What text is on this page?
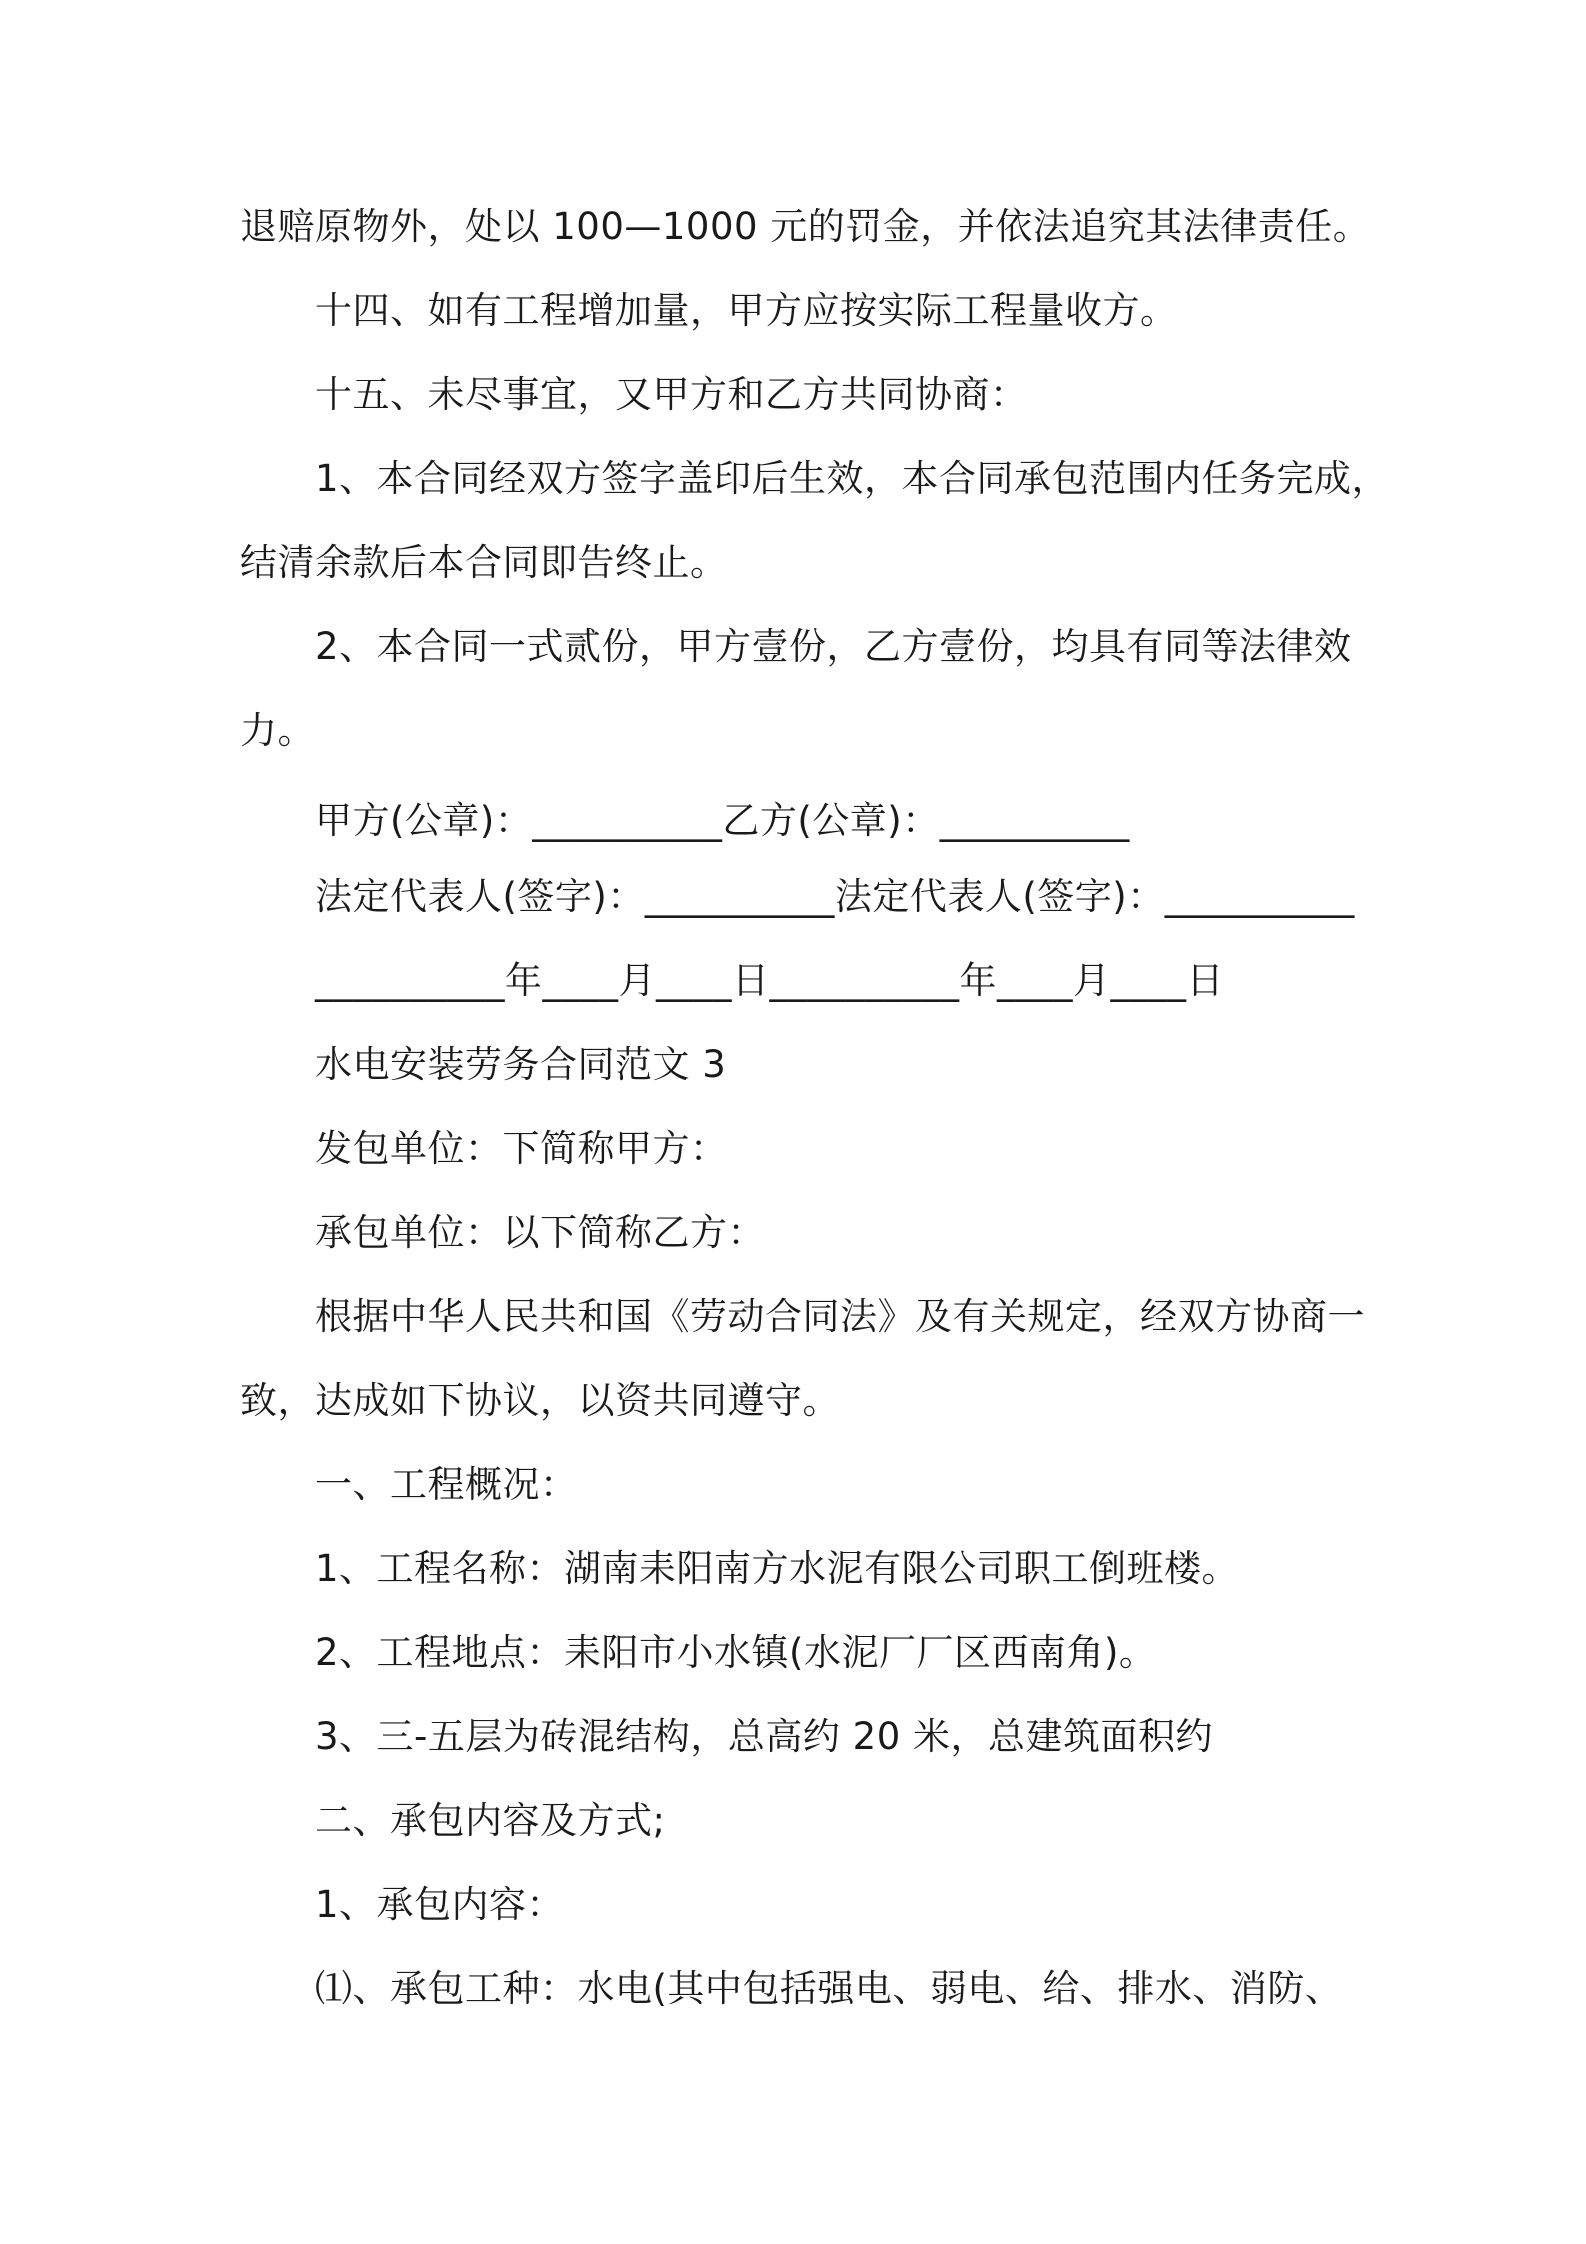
退赔原物外，处以 100—1000 元的罚金，并依法追究其法律责任。
十四、如有工程增加量，甲方应按实际工程量收方。
十五、未尽事宜，又甲方和乙方共同协商：
1、本合同经双方签字盖印后生效，本合同承包范围内任务完成，
结清余款后本合同即告终止。
2、本合同一式贰份，甲方壹份，乙方壹份，均具有同等法律效
力。
甲方(公章)：__________乙方(公章)：__________
法定代表人(签字)：__________法定代表人(签字)：__________
__________年____月____日__________年____月____日
水电安装劳务合同范文 3
发包单位：下简称甲方：
承包单位：以下简称乙方：
根据中华人民共和国《劳动合同法》及有关规定，经双方协商一
致，达成如下协议，以资共同遵守。
一、工程概况：
1、工程名称：湖南耒阳南方水泥有限公司职工倒班楼。
2、工程地点：耒阳市小水镇(水泥厂厂区西南角)。
3、三-五层为砖混结构，总高约 20 米，总建筑面积约
二、承包内容及方式;
1、承包内容：
⑴、承包工种：水电(其中包括强电、弱电、给、排水、消防、
